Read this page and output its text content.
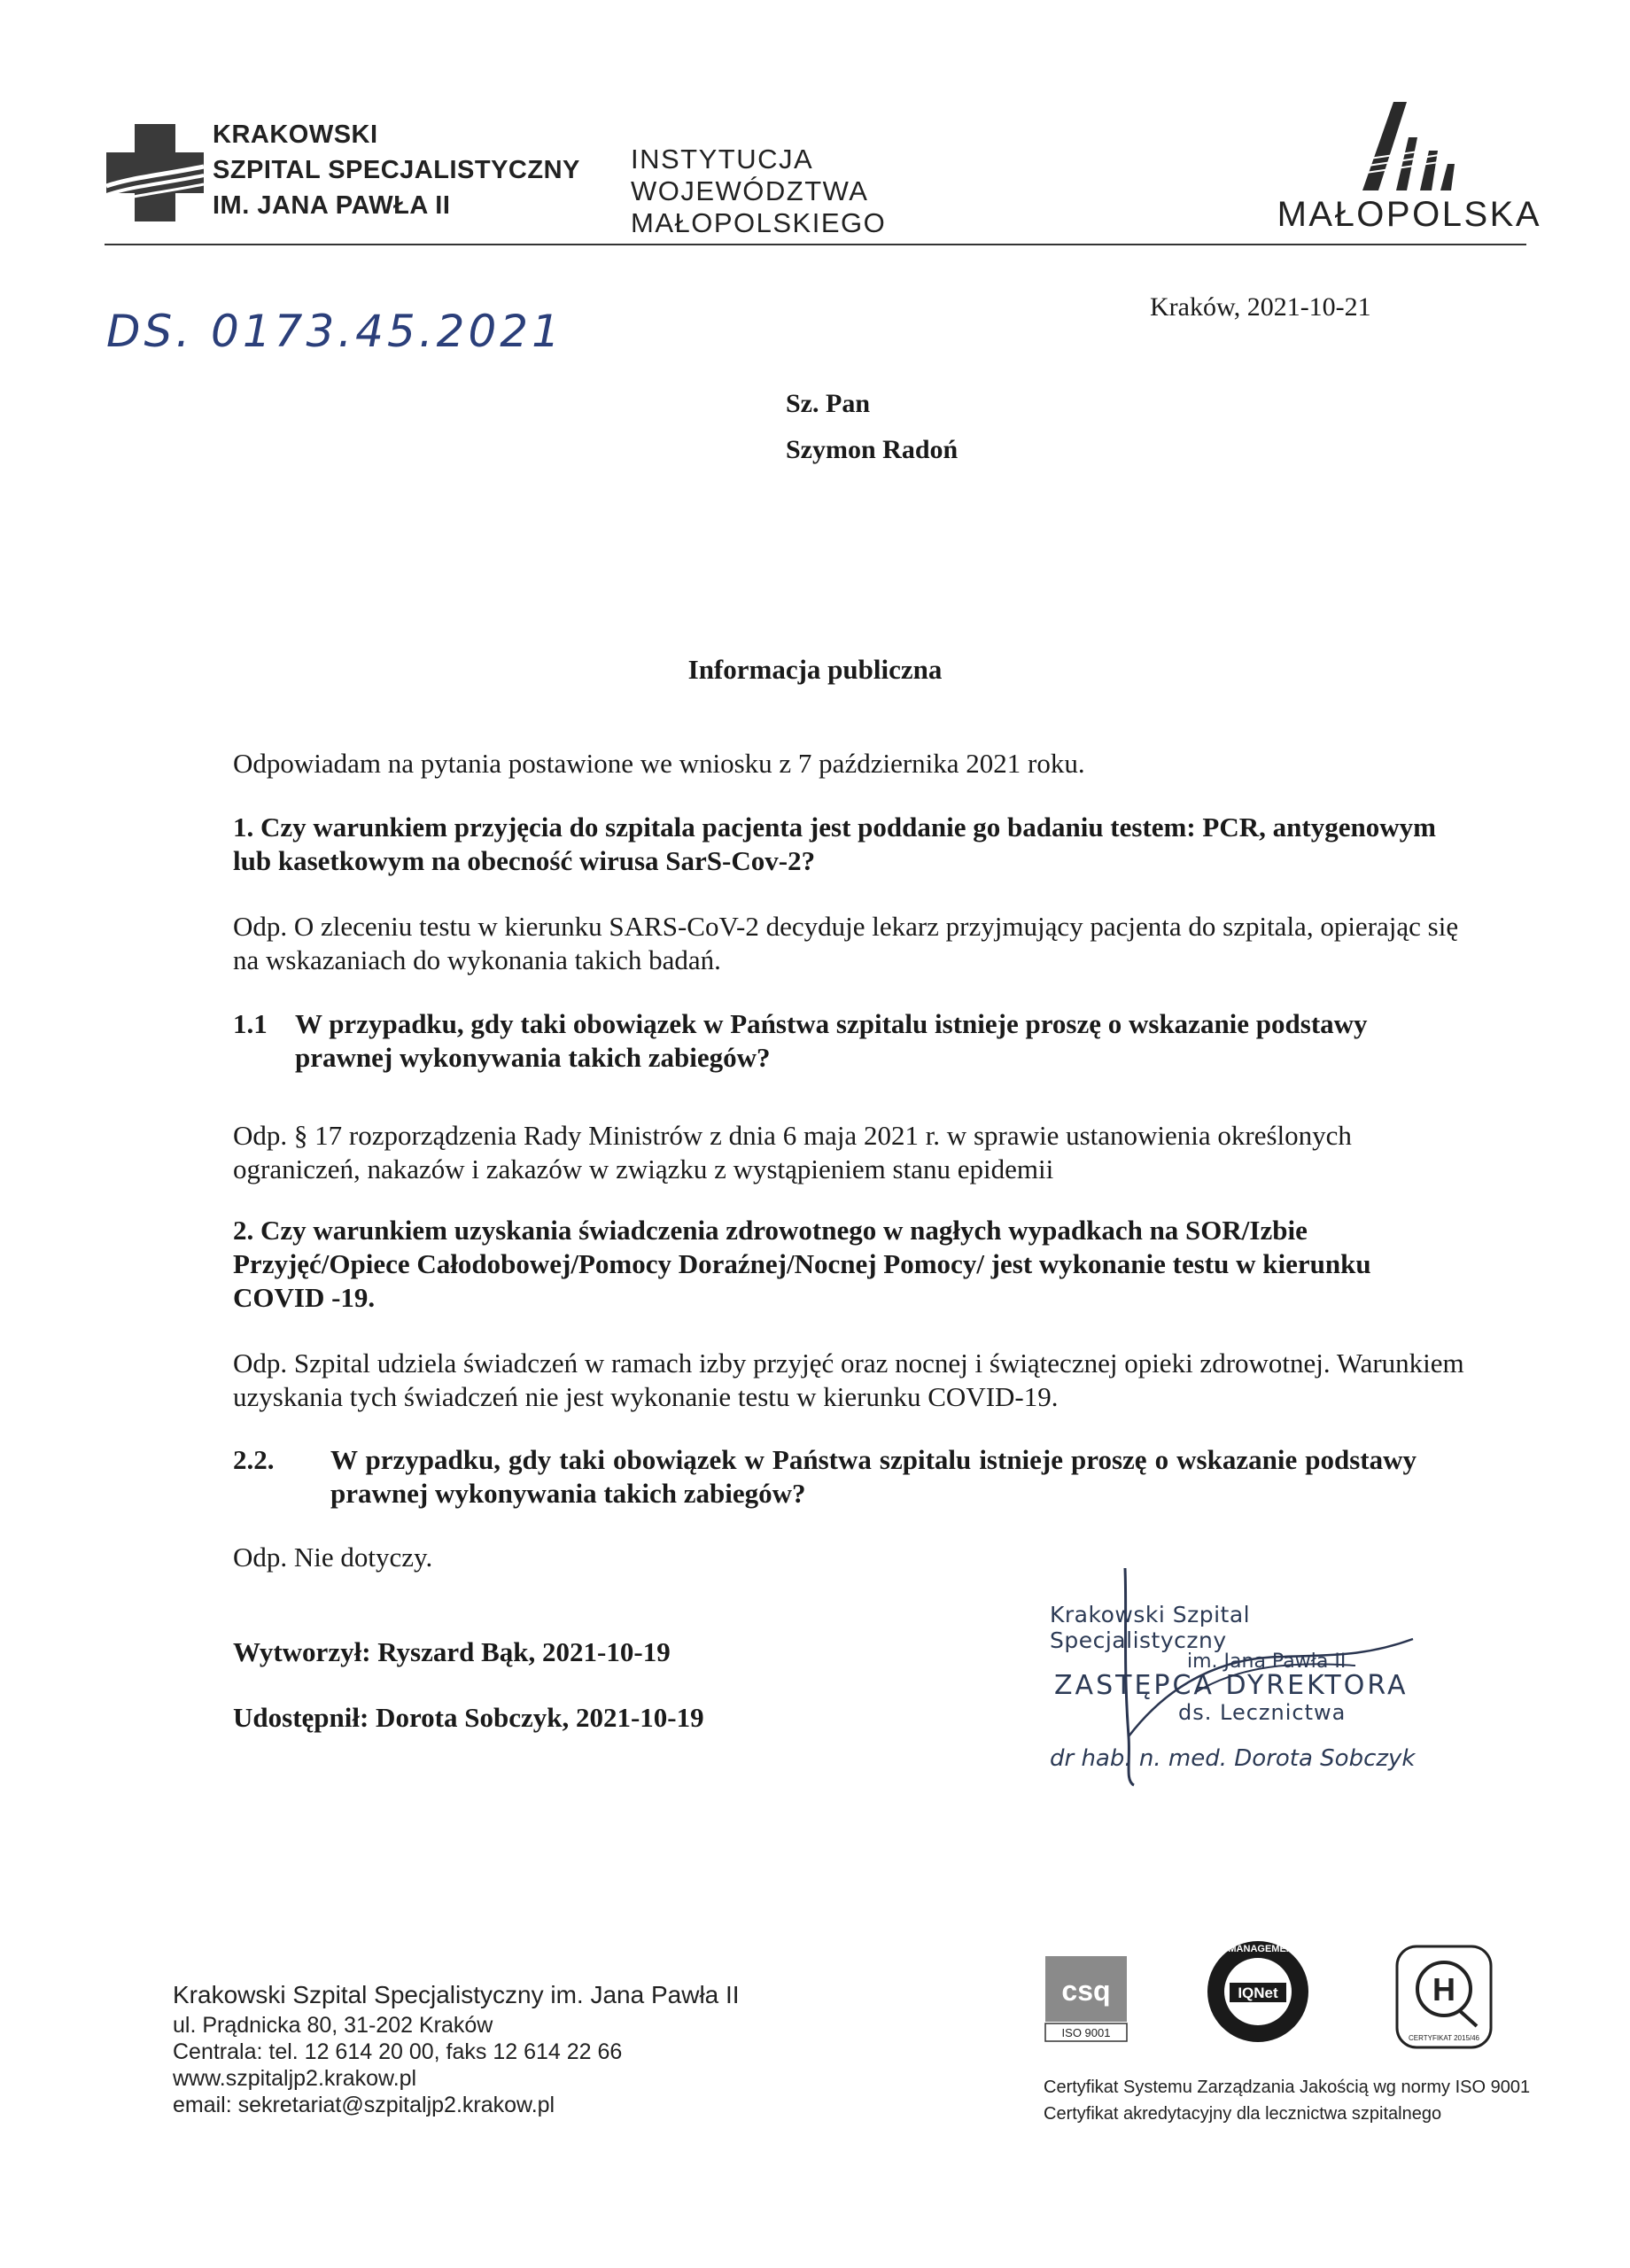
KRAKOWSKI
SZPITAL SPECJALISTYCZNY
IM. JANA PAWŁA II
INSTYTUCJA
WOJEWÓDZTWA
MAŁOPOLSKIEGO	MAŁOPOLSKA
DS. 0173.45.2021	Kraków, 2021-10-21
Sz. Pan
Szymon Radoń
Informacja publiczna
Odpowiadam na pytania postawione we wniosku z 7 października 2021 roku.
1. Czy warunkiem przyjęcia do szpitala pacjenta jest poddanie go badaniu testem: PCR, antygenowym lub kasetkowym na obecność wirusa SarS-Cov-2?
Odp. O zleceniu testu w kierunku SARS-CoV-2 decyduje lekarz przyjmujący pacjenta do szpitala, opierając się na wskazaniach do wykonania takich badań.
1.1 W przypadku, gdy taki obowiązek w Państwa szpitalu istnieje proszę o wskazanie podstawy prawnej wykonywania takich zabiegów?
Odp. § 17 rozporządzenia Rady Ministrów z dnia 6 maja 2021 r. w sprawie ustanowienia określonych ograniczeń, nakazów i zakazów w związku z wystąpieniem stanu epidemii
2. Czy warunkiem uzyskania świadczenia zdrowotnego w nagłych wypadkach na SOR/Izbie Przyjęć/Opiece Całodobowej/Pomocy Doraźnej/Nocnej Pomocy/ jest wykonanie testu w kierunku COVID -19.
Odp. Szpital udziela świadczeń w ramach izby przyjęć oraz nocnej i świątecznej opieki zdrowotnej. Warunkiem uzyskania tych świadczeń nie jest wykonanie testu w kierunku COVID-19.
2.2. W przypadku, gdy taki obowiązek w Państwa szpitalu istnieje proszę o wskazanie podstawy prawnej wykonywania takich zabiegów?
Odp. Nie dotyczy.
Wytworzył: Ryszard Bąk, 2021-10-19
Udostępnił: Dorota Sobczyk, 2021-10-19
Krakowski Szpital Specjalistyczny
im. Jana Pawła II
ZASTĘPCA DYREKTORA
ds. Lecznictwa
dr hab. n. med. Dorota Sobczyk
Krakowski Szpital Specjalistyczny im. Jana Pawła II
ul. Prądnicka 80, 31-202 Kraków
Centrala: tel. 12 614 20 00, faks 12 614 22 66
www.szpitaljp2.krakow.pl
email: sekretariat@szpitaljp2.krakow.pl
csq
ISO 9001
CERTIFIED MANAGEMENT SYSTEM
IQNet	H
CERTYFIKAT 2015/46
Certyfikat Systemu Zarządzania Jakością wg normy ISO 9001
Certyfikat akredytacyjny dla lecznictwa szpitalnego
